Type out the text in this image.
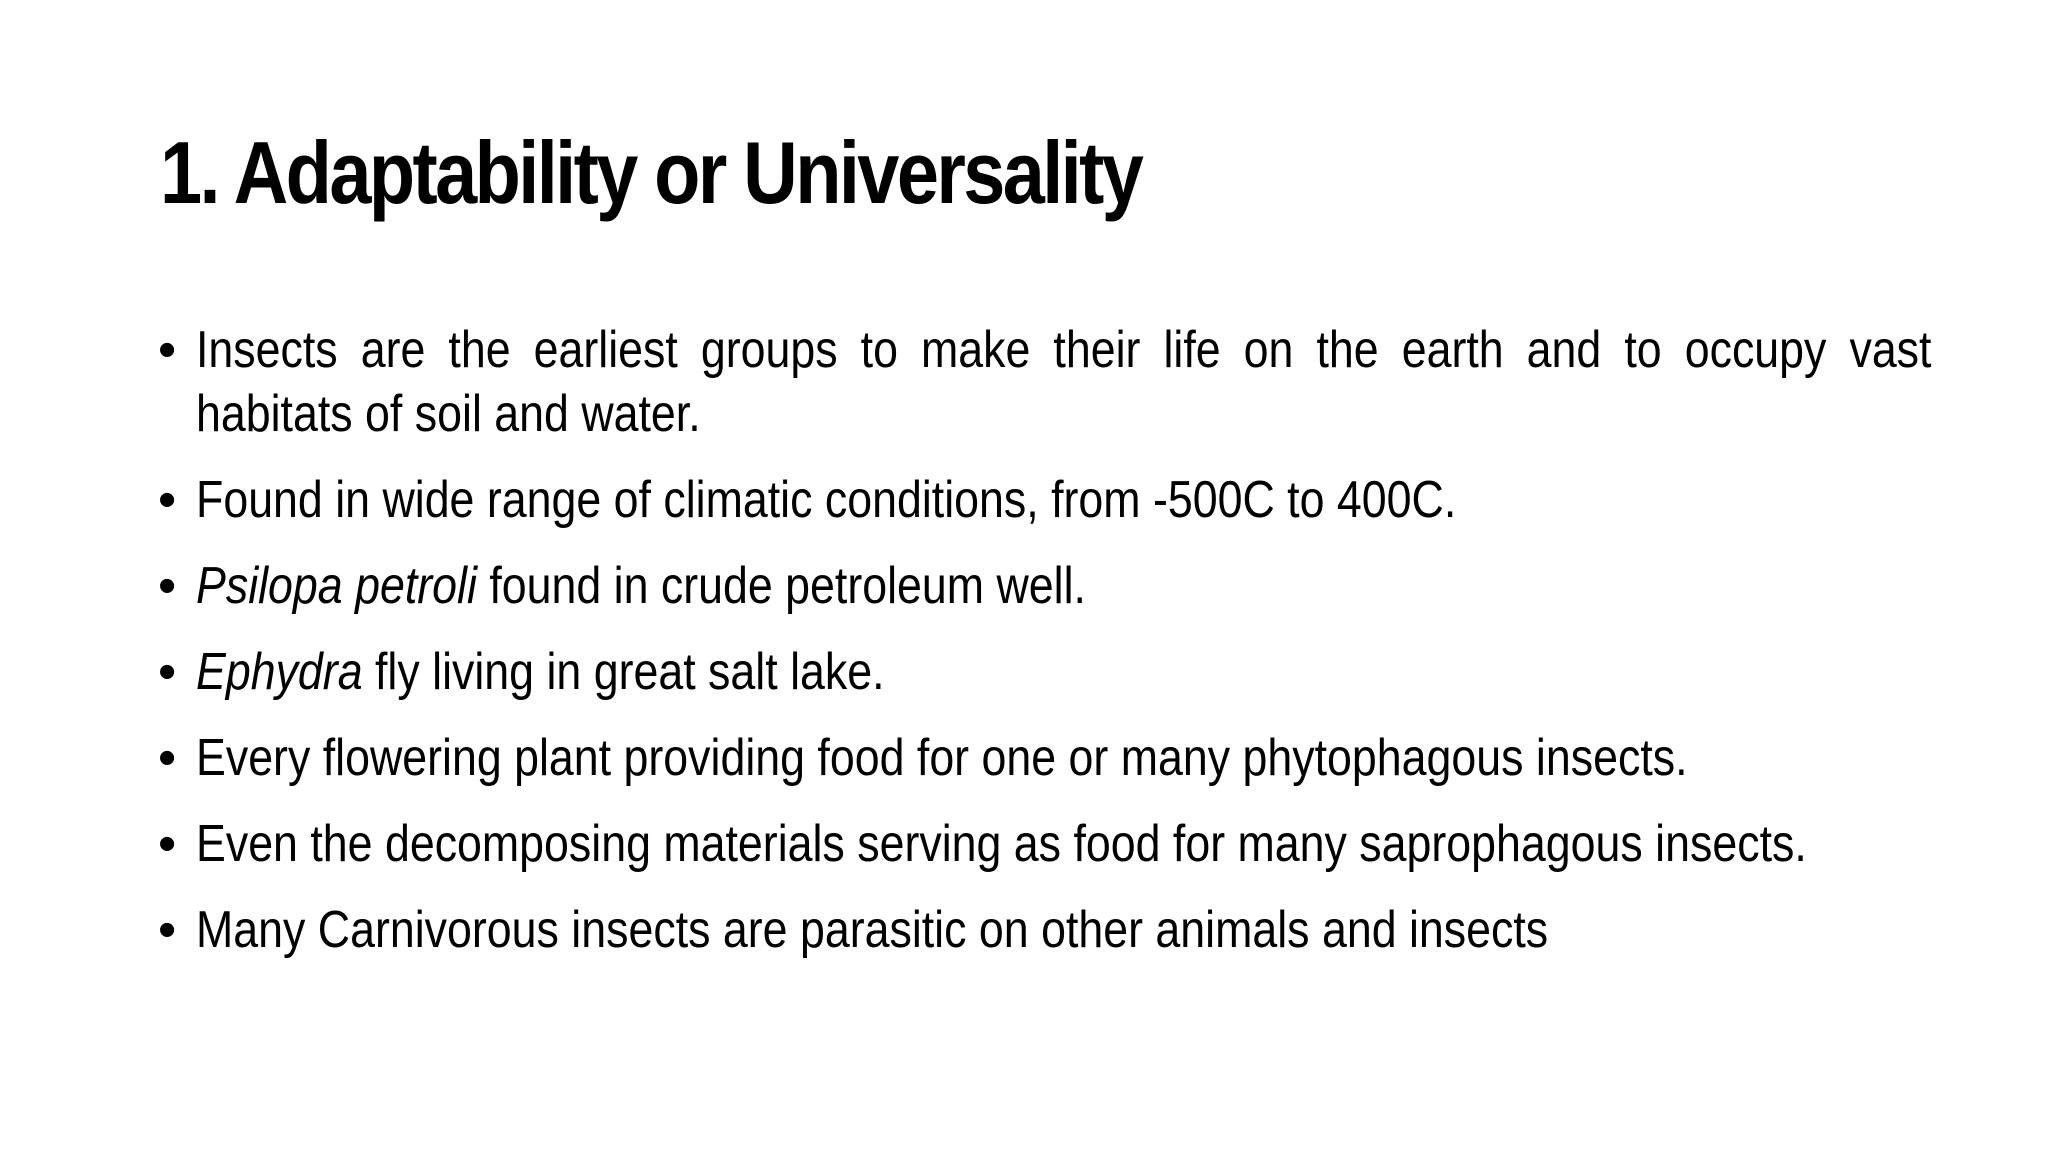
1. Adaptability or Universality
• Insects are the earliest groups to make their life on the earth and to occupy vast habitats of soil and water.
• Found in wide range of climatic conditions, from -500C to 400C.
• Psilopa petroli found in crude petroleum well.
• Ephydra fly living in great salt lake.
• Every flowering plant providing food for one or many phytophagous insects.
• Even the decomposing materials serving as food for many saprophagous insects.
• Many Carnivorous insects are parasitic on other animals and insects
